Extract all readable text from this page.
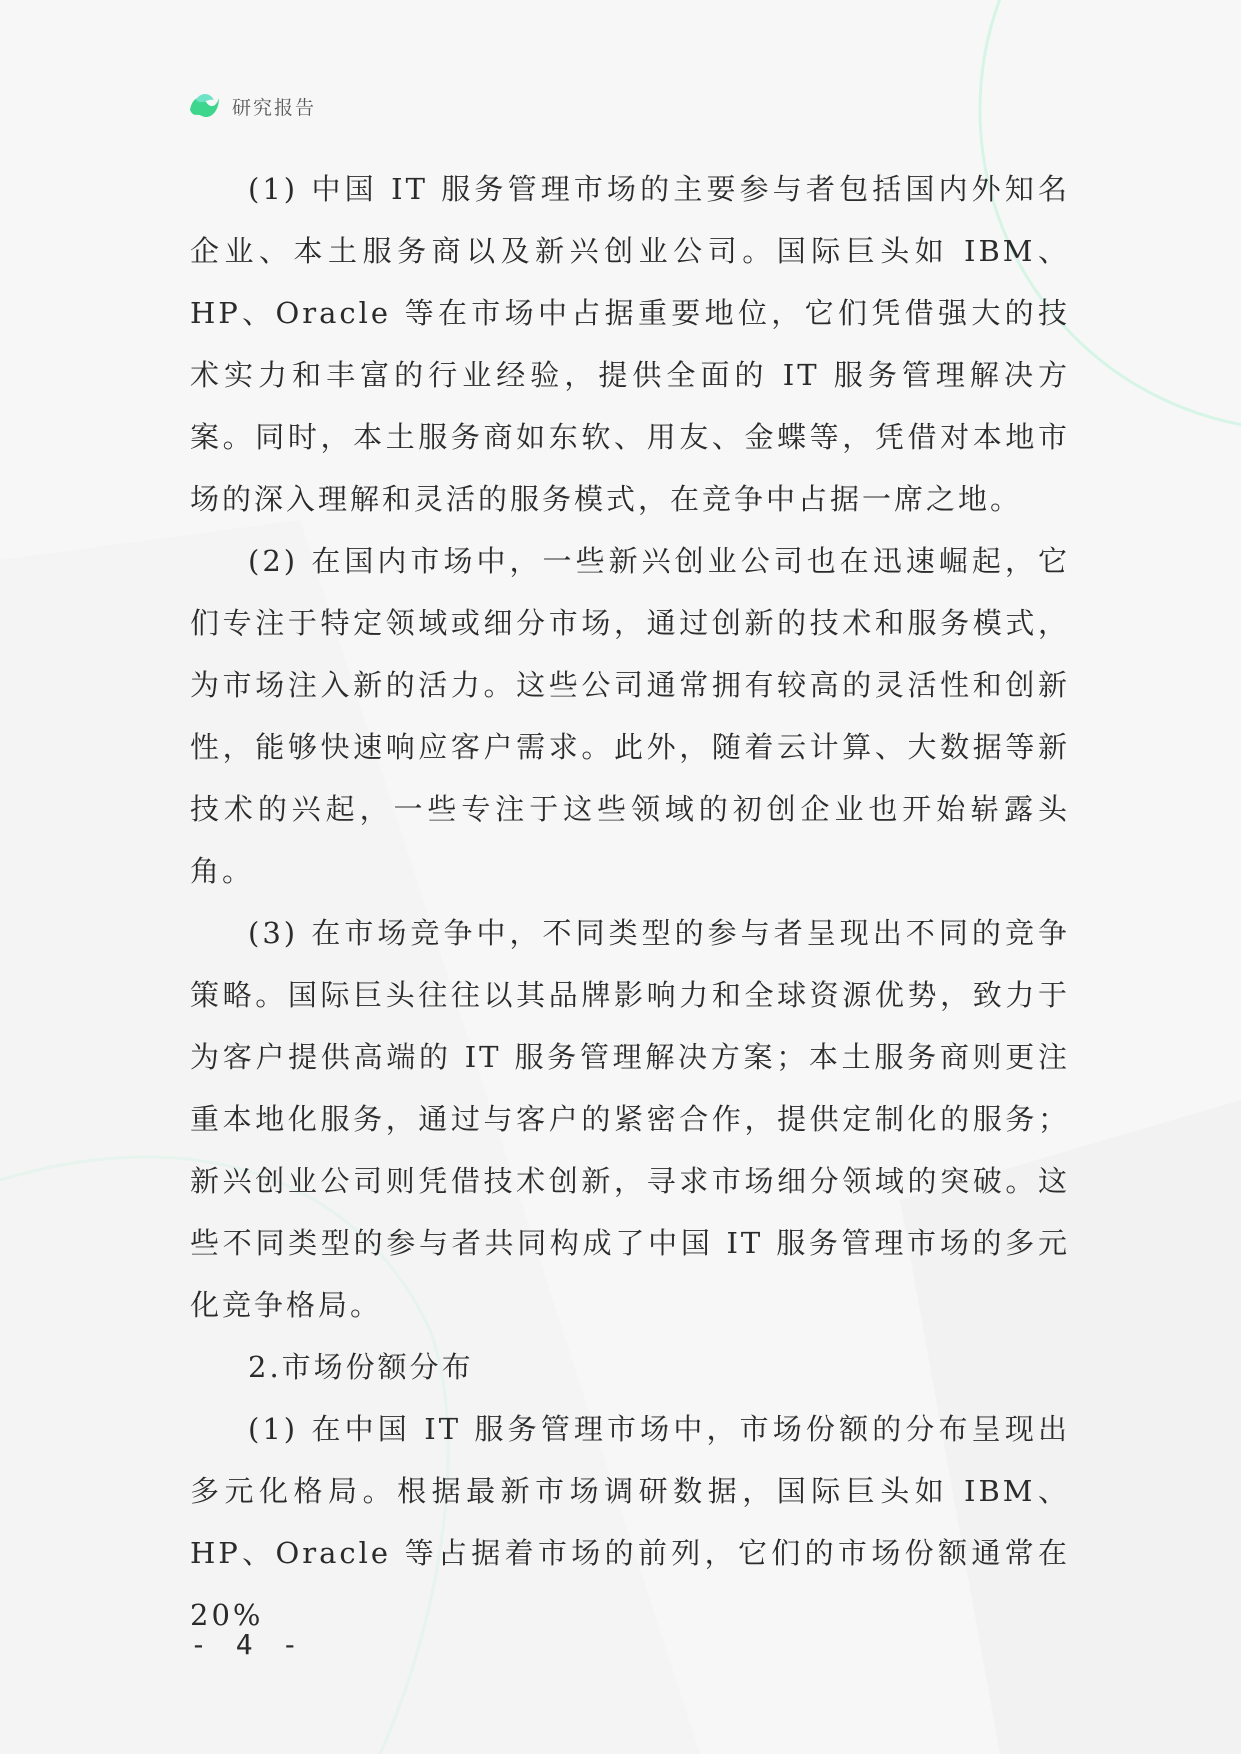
研究报告

(1) 中国 IT 服务管理市场的主要参与者包括国内外知名企业、本土服务商以及新兴创业公司。国际巨头如 IBM、HP、Oracle 等在市场中占据重要地位，它们凭借强大的技术实力和丰富的行业经验，提供全面的 IT 服务管理解决方案。同时，本土服务商如东软、用友、金蝶等，凭借对本地市场的深入理解和灵活的服务模式，在竞争中占据一席之地。

(2) 在国内市场中，一些新兴创业公司也在迅速崛起，它们专注于特定领域或细分市场，通过创新的技术和服务模式，为市场注入新的活力。这些公司通常拥有较高的灵活性和创新性，能够快速响应客户需求。此外，随着云计算、大数据等新技术的兴起，一些专注于这些领域的初创企业也开始崭露头角。

(3) 在市场竞争中，不同类型的参与者呈现出不同的竞争策略。国际巨头往往以其品牌影响力和全球资源优势，致力于为客户提供高端的 IT 服务管理解决方案；本土服务商则更注重本地化服务，通过与客户的紧密合作，提供定制化的服务；新兴创业公司则凭借技术创新，寻求市场细分领域的突破。这些不同类型的参与者共同构成了中国 IT 服务管理市场的多元化竞争格局。

2.市场份额分布

(1) 在中国 IT 服务管理市场中，市场份额的分布呈现出多元化格局。根据最新市场调研数据，国际巨头如 IBM、HP、Oracle 等占据着市场的前列，它们的市场份额通常在 20%

- 4 -
